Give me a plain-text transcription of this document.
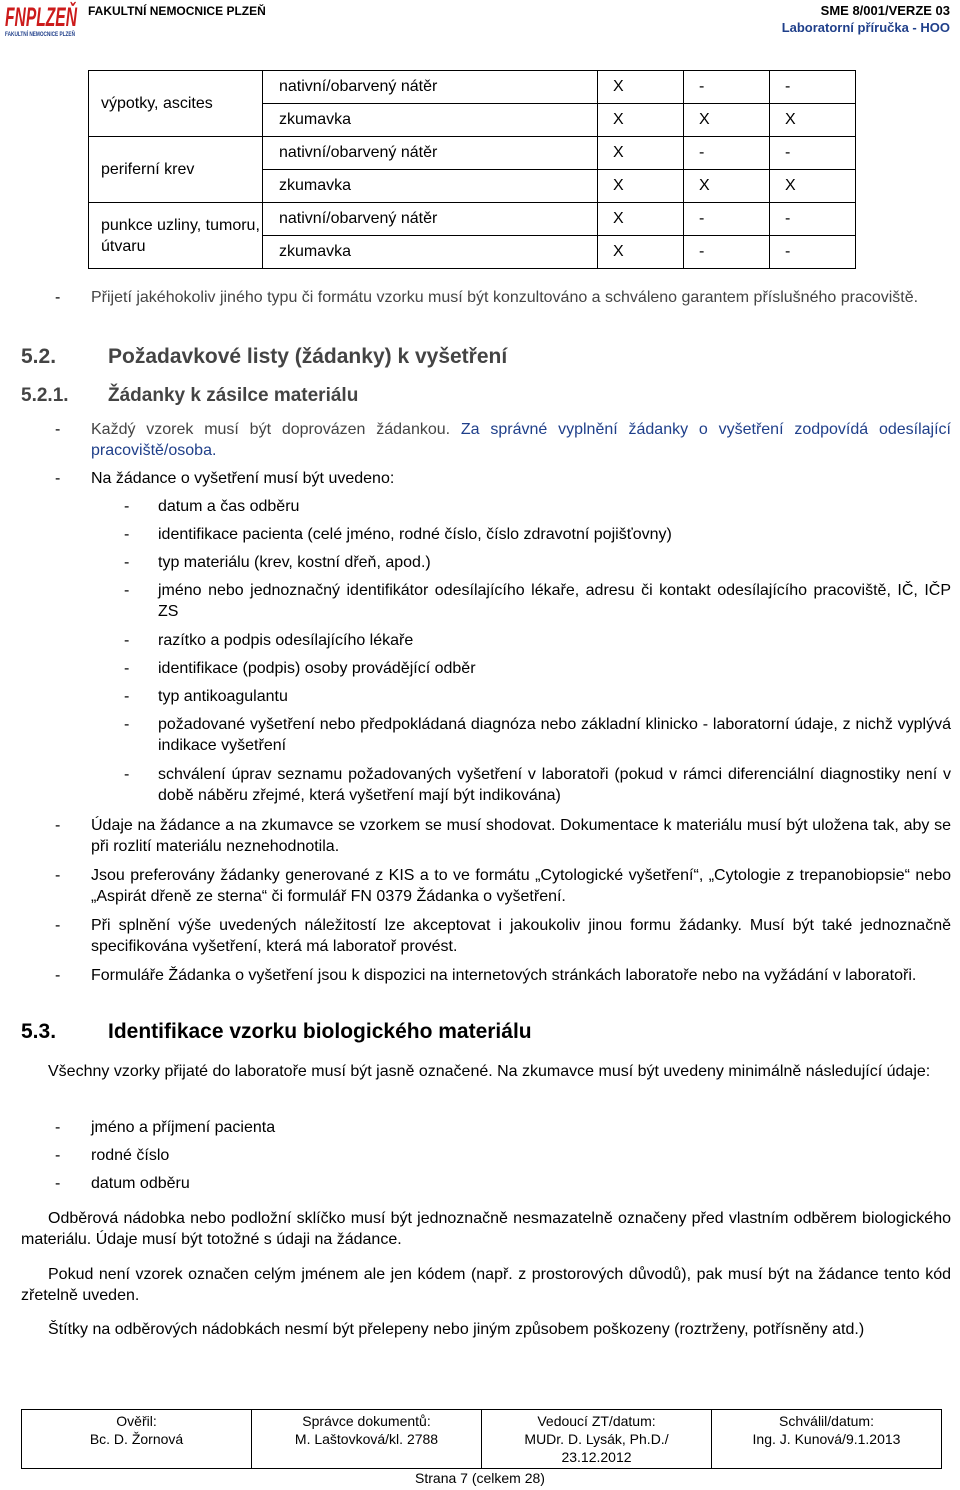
FNPLZEŇ
FAKULTNÍ NEMOCNICE PLZEŇ
FAKULTNÍ NEMOCNICE PLZEŇ	SME 8/001/VERZE 03
Laboratorní příručka - HOO
výpotky, ascites	nativní/obarvený nátěr	X	-	-
	zkumavka	X	X	X
periferní krev	nativní/obarvený nátěr	X	-	-
	zkumavka	X	X	X
punkce uzliny, tumoru, útvaru	nativní/obarvený nátěr	X	-	-
	zkumavka	X	-	-
- Přijetí jakéhokoliv jiného typu či formátu vzorku musí být konzultováno a schváleno garantem příslušného pracoviště.
5.2. Požadavkové listy (žádanky) k vyšetření
5.2.1. Žádanky k zásilce materiálu
- Každý vzorek musí být doprovázen žádankou. Za správné vyplnění žádanky o vyšetření zodpovídá odesílající pracoviště/osoba.
- Na žádance o vyšetření musí být uvedeno:
- datum a čas odběru
- identifikace pacienta (celé jméno, rodné číslo, číslo zdravotní pojišťovny)
- typ materiálu (krev, kostní dřeň, apod.)
- jméno nebo jednoznačný identifikátor odesílajícího lékaře, adresu či kontakt odesílajícího pracoviště, IČ, IČP ZS
- razítko a podpis odesílajícího lékaře
- identifikace (podpis) osoby provádějící odběr
- typ antikoagulantu
- požadované vyšetření nebo předpokládaná diagnóza nebo základní klinicko - laboratorní údaje, z nichž vyplývá indikace vyšetření
- schválení úprav seznamu požadovaných vyšetření v laboratoři (pokud v rámci diferenciální diagnostiky není v době náběru zřejmé, která vyšetření mají být indikována)
- Údaje na žádance a na zkumavce se vzorkem se musí shodovat. Dokumentace k materiálu musí být uložena tak, aby se při rozlití materiálu neznehodnotila.
- Jsou preferovány žádanky generované z KIS a to ve formátu „Cytologické vyšetření“, „Cytologie z trepanobiopsie“ nebo „Aspirát dřeně ze sterna“ či formulář FN 0379 Žádanka o vyšetření.
- Při splnění výše uvedených náležitostí lze akceptovat i jakoukoliv jinou formu žádanky. Musí být také jednoznačně specifikována vyšetření, která má laboratoř provést.
- Formuláře Žádanka o vyšetření jsou k dispozici na internetových stránkách laboratoře nebo na vyžádání v laboratoři.
5.3. Identifikace vzorku biologického materiálu
Všechny vzorky přijaté do laboratoře musí být jasně označené. Na zkumavce musí být uvedeny minimálně následující údaje:
- jméno a příjmení pacienta
- rodné číslo
- datum odběru
Odběrová nádobka nebo podložní sklíčko musí být jednoznačně nesmazatelně označeny před vlastním odběrem biologického materiálu. Údaje musí být totožné s údaji na žádance.
Pokud není vzorek označen celým jménem ale jen kódem (např. z prostorových důvodů), pak musí být na žádance tento kód zřetelně uveden.
Štítky na odběrových nádobkách nesmí být přelepeny nebo jiným způsobem poškozeny (roztrženy, potřísněny atd.)
Ověřil:
Bc. D. Žornová

Správce dokumentů:
M. Laštovková/kl. 2788

Vedoucí ZT/datum:
MUDr. D. Lysák, Ph.D./ 23.12.2012

Schválil/datum:
Ing. J. Kunová/9.1.2013
Strana 7 (celkem 28)
